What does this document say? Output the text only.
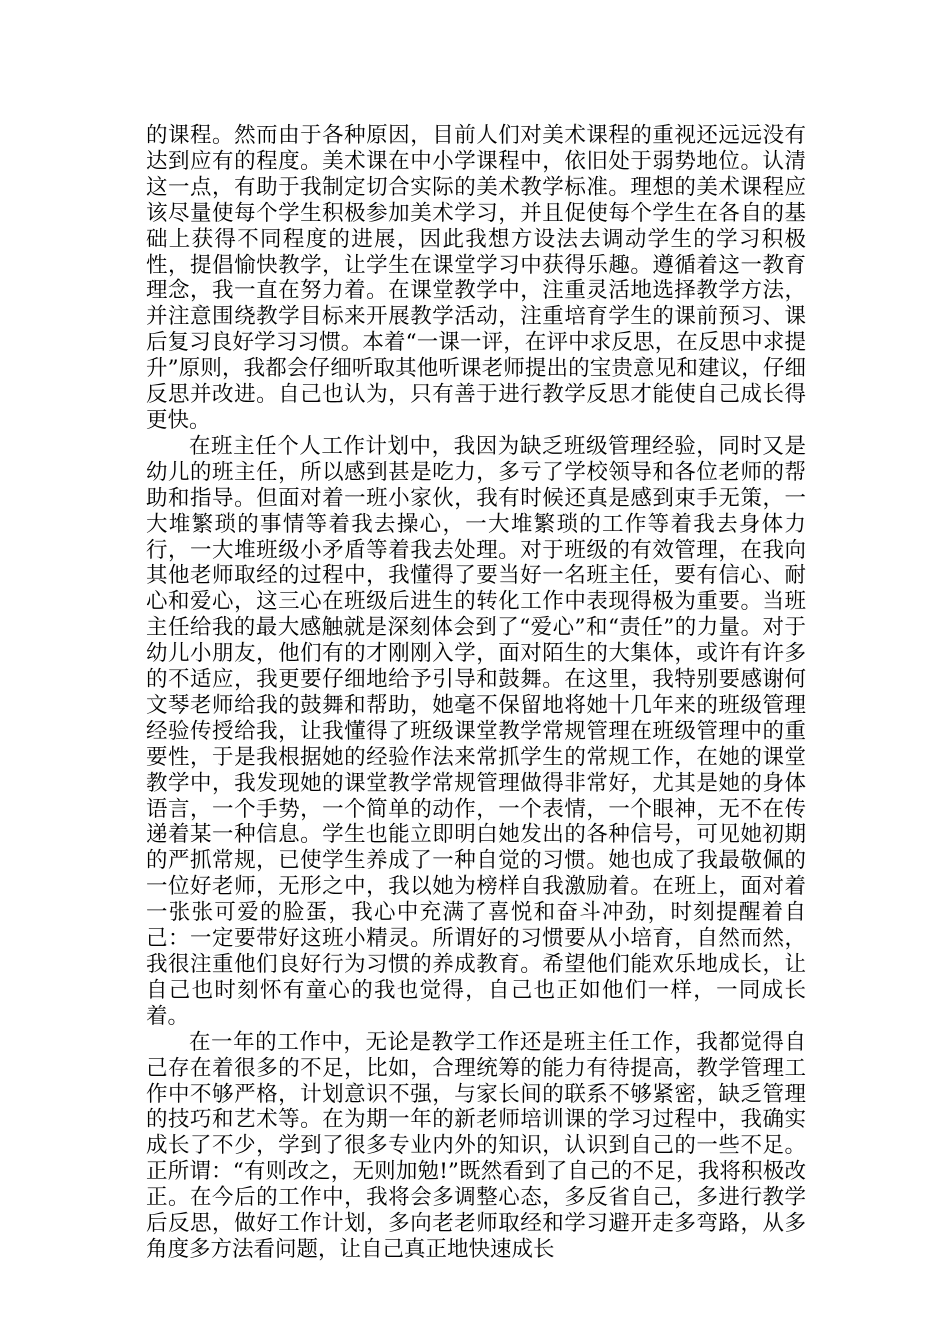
的课程。然而由于各种原因，目前人们对美术课程的重视还远远没有达到应有的程度。美术课在中小学课程中，依旧处于弱势地位。认清这一点，有助于我制定切合实际的美术教学标准。理想的美术课程应该尽量使每个学生积极参加美术学习，并且促使每个学生在各自的基础上获得不同程度的进展，因此我想方设法去调动学生的学习积极性，提倡愉快教学，让学生在课堂学习中获得乐趣。遵循着这一教育理念，我一直在努力着。在课堂教学中，注重灵活地选择教学方法，并注意围绕教学目标来开展教学活动，注重培育学生的课前预习、课后复习良好学习习惯。本着“一课一评，在评中求反思，在反思中求提升”原则，我都会仔细听取其他听课老师提出的宝贵意见和建议，仔细反思并改进。自己也认为，只有善于进行教学反思才能使自己成长得更快。

在班主任个人工作计划中，我因为缺乏班级管理经验，同时又是幼儿的班主任，所以感到甚是吃力，多亏了学校领导和各位老师的帮助和指导。但面对着一班小家伙，我有时候还真是感到束手无策，一大堆繁琐的事情等着我去操心，一大堆繁琐的工作等着我去身体力行，一大堆班级小矛盾等着我去处理。对于班级的有效管理，在我向其他老师取经的过程中，我懂得了要当好一名班主任，要有信心、耐心和爱心，这三心在班级后进生的转化工作中表现得极为重要。当班主任给我的最大感触就是深刻体会到了“爱心”和“责任”的力量。对于幼儿小朋友，他们有的才刚刚入学，面对陌生的大集体，或许有许多的不适应，我更要仔细地给予引导和鼓舞。在这里，我特别要感谢何文琴老师给我的鼓舞和帮助，她毫不保留地将她十几年来的班级管理经验传授给我，让我懂得了班级课堂教学常规管理在班级管理中的重要性，于是我根据她的经验作法来常抓学生的常规工作，在她的课堂教学中，我发现她的课堂教学常规管理做得非常好，尤其是她的身体语言，一个手势，一个简单的动作，一个表情，一个眼神，无不在传递着某一种信息。学生也能立即明白她发出的各种信号，可见她初期的严抓常规，已使学生养成了一种自觉的习惯。她也成了我最敬佩的一位好老师，无形之中，我以她为榜样自我激励着。在班上，面对着一张张可爱的脸蛋，我心中充满了喜悦和奋斗冲劲，时刻提醒着自己：一定要带好这班小精灵。所谓好的习惯要从小培育，自然而然，我很注重他们良好行为习惯的养成教育。希望他们能欢乐地成长，让自己也时刻怀有童心的我也觉得，自己也正如他们一样，一同成长着。

在一年的工作中，无论是教学工作还是班主任工作，我都觉得自己存在着很多的不足，比如，合理统筹的能力有待提高，教学管理工作中不够严格，计划意识不强，与家长间的联系不够紧密，缺乏管理的技巧和艺术等。在为期一年的新老师培训课的学习过程中，我确实成长了不少，学到了很多专业内外的知识，认识到自己的一些不足。正所谓：“有则改之，无则加勉!”既然看到了自己的不足，我将积极改正。在今后的工作中，我将会多调整心态，多反省自己，多进行教学后反思，做好工作计划，多向老老师取经和学习避开走多弯路，从多角度多方法看问题，让自己真正地快速成长
